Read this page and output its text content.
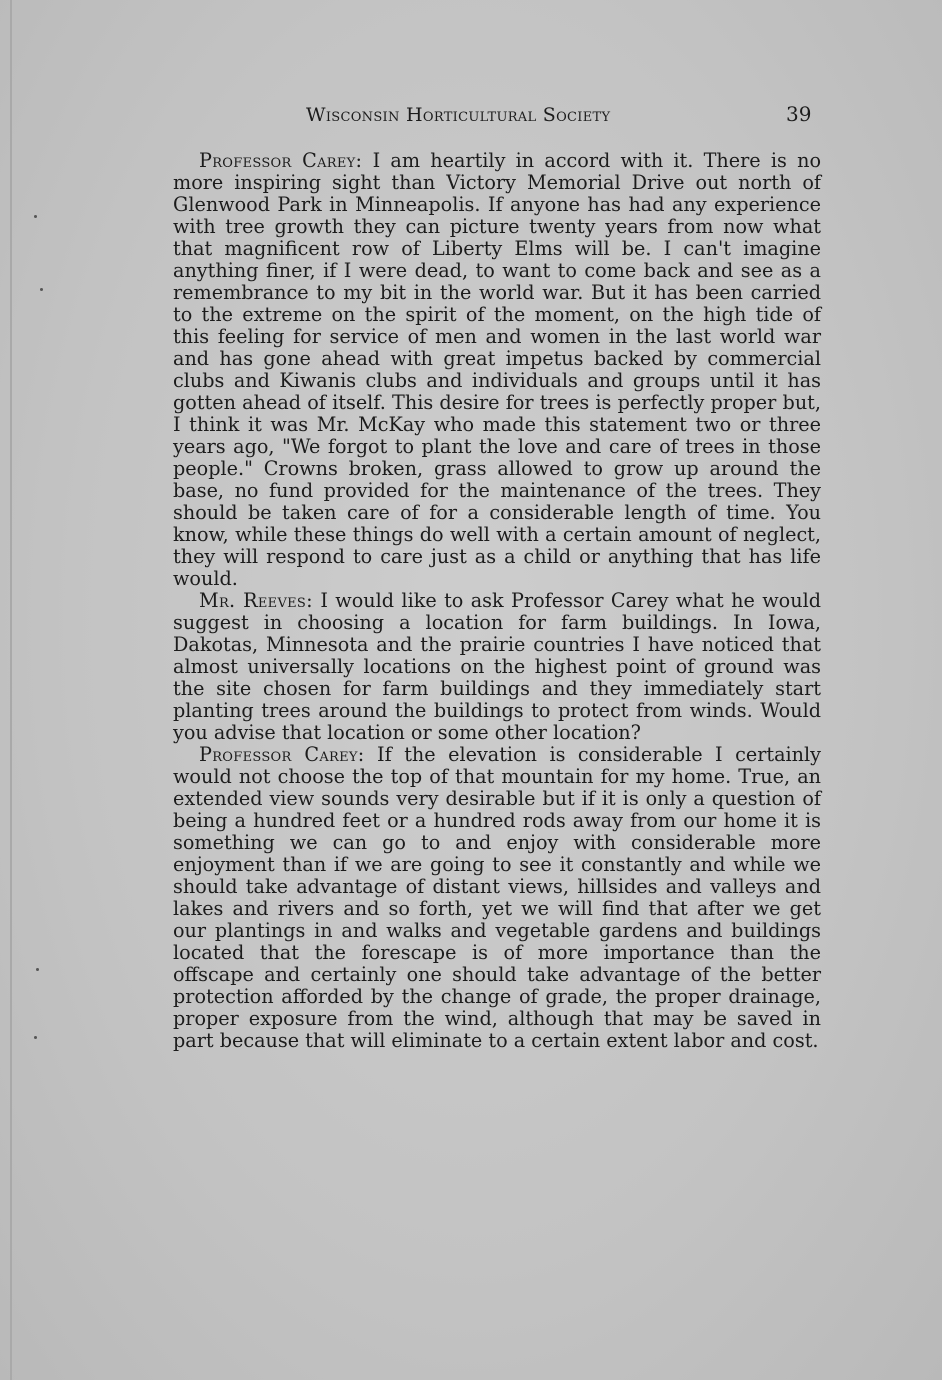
Wisconsin Horticultural Society	39

Professor Carey: I am heartily in accord with it. There is no more inspiring sight than Victory Memorial Drive out north of Glenwood Park in Minneapolis. If anyone has had any experience with tree growth they can picture twenty years from now what that magnificent row of Liberty Elms will be. I can't imagine anything finer, if I were dead, to want to come back and see as a remembrance to my bit in the world war. But it has been carried to the extreme on the spirit of the moment, on the high tide of this feeling for service of men and women in the last world war and has gone ahead with great impetus backed by commercial clubs and Kiwanis clubs and individuals and groups until it has gotten ahead of itself. This desire for trees is perfectly proper but, I think it was Mr. McKay who made this statement two or three years ago, "We forgot to plant the love and care of trees in those people." Crowns broken, grass allowed to grow up around the base, no fund provided for the maintenance of the trees. They should be taken care of for a considerable length of time. You know, while these things do well with a certain amount of neglect, they will respond to care just as a child or anything that has life would.

Mr. Reeves: I would like to ask Professor Carey what he would suggest in choosing a location for farm buildings. In Iowa, Dakotas, Minnesota and the prairie countries I have noticed that almost universally locations on the highest point of ground was the site chosen for farm buildings and they immediately start planting trees around the buildings to protect from winds. Would you advise that location or some other location?

Professor Carey: If the elevation is considerable I certainly would not choose the top of that mountain for my home. True, an extended view sounds very desirable but if it is only a question of being a hundred feet or a hundred rods away from our home it is something we can go to and enjoy with considerable more enjoyment than if we are going to see it constantly and while we should take advantage of distant views, hillsides and valleys and lakes and rivers and so forth, yet we will find that after we get our plantings in and walks and vegetable gardens and buildings located that the forescape is of more importance than the offscape and certainly one should take advantage of the better protection afforded by the change of grade, the proper drainage, proper exposure from the wind, although that may be saved in part because that will eliminate to a certain extent labor and cost.
